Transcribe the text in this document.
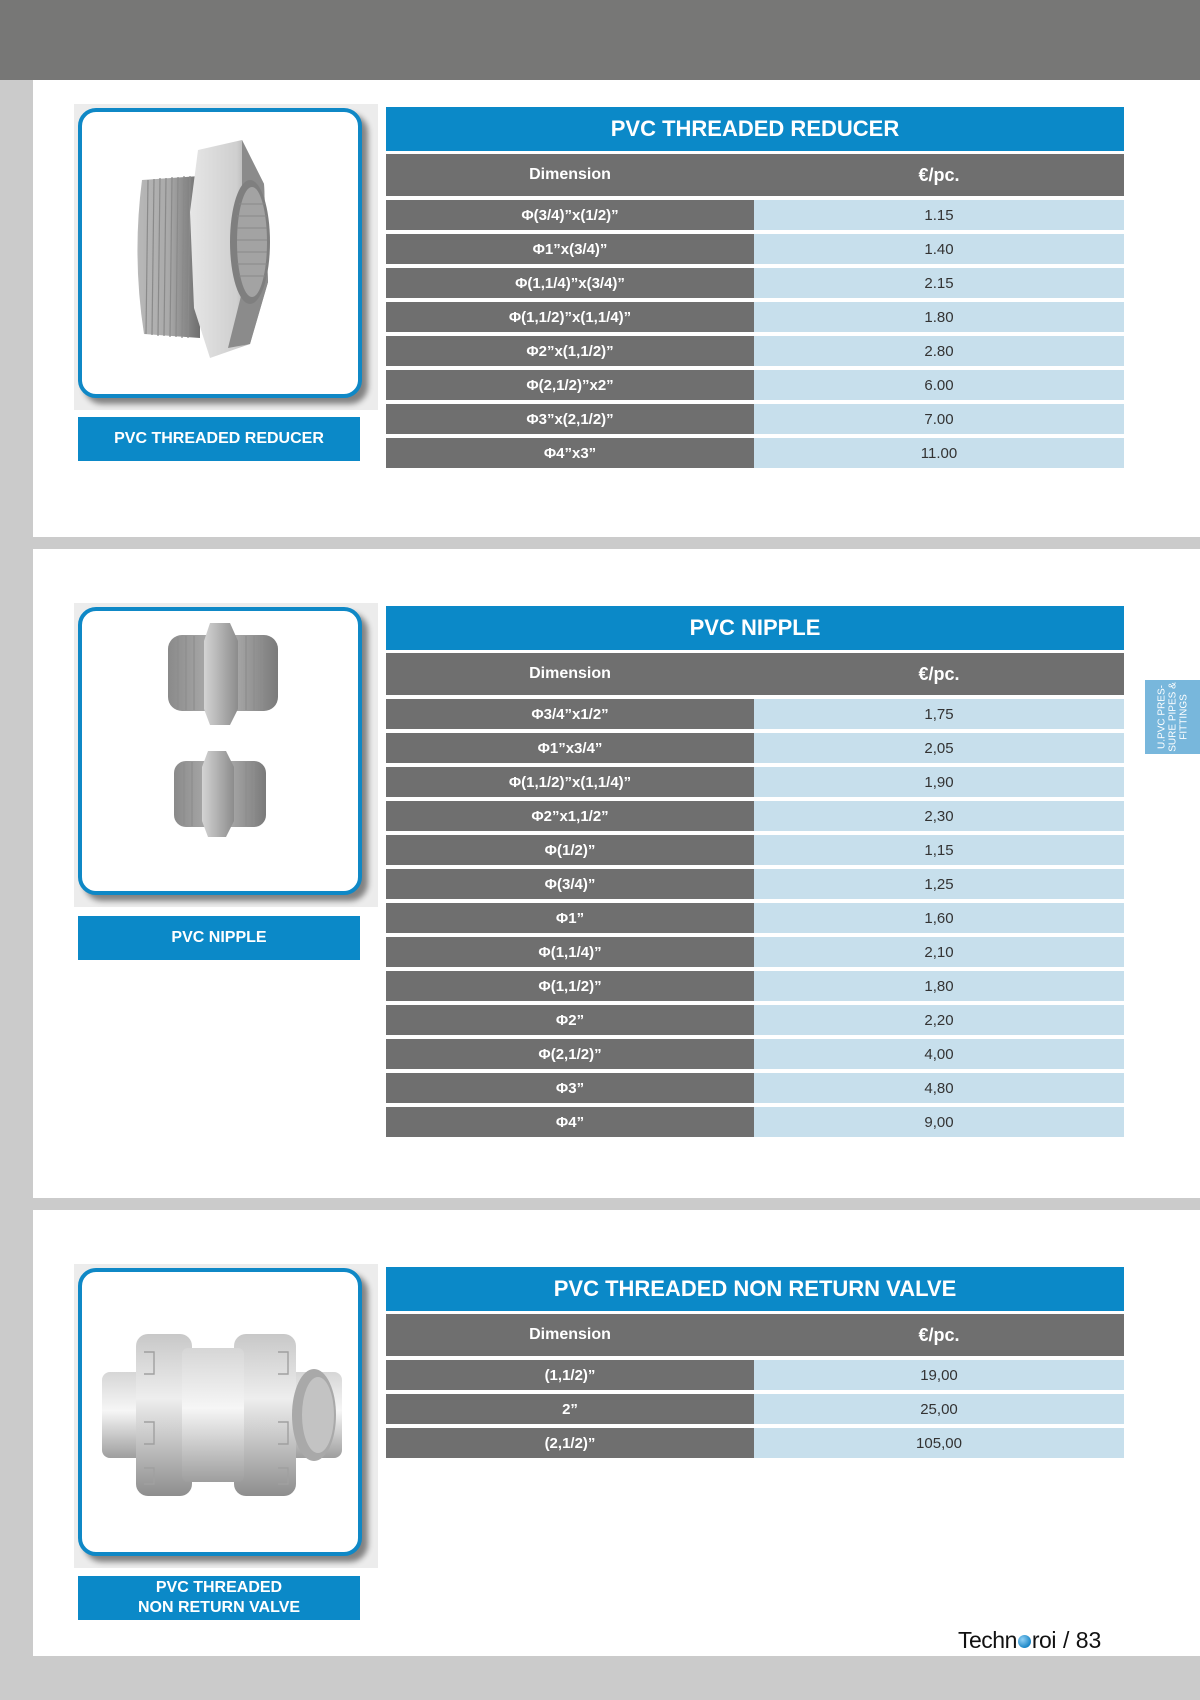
PVC THREADED REDUCER
PVC THREADED REDUCER
Dimension	€/pc.
Φ(3/4)”x(1/2)”	1.15
Φ1”x(3/4)”	1.40
Φ(1,1/4)”x(3/4)”	2.15
Φ(1,1/2)”x(1,1/4)”	1.80
Φ2”x(1,1/2)”	2.80
Φ(2,1/2)”x2”	6.00
Φ3”x(2,1/2)”	7.00
Φ4”x3”	11.00
PVC NIPPLE
PVC NIPPLE
Dimension	€/pc.
Φ3/4”x1/2”	1,75
Φ1”x3/4”	2,05
Φ(1,1/2)”x(1,1/4)”	1,90
Φ2”x1,1/2”	2,30
Φ(1/2)”	1,15
Φ(3/4)”	1,25
Φ1”	1,60
Φ(1,1/4)”	2,10
Φ(1,1/2)”	1,80
Φ2”	2,20
Φ(2,1/2)”	4,00
Φ3”	4,80
Φ4”	9,00
PVC THREADED
NON RETURN VALVE
PVC THREADED NON RETURN VALVE
Dimension	€/pc.
(1,1/2)”	19,00
2”	25,00
(2,1/2)”	105,00
U.PVC PRES-SURE PIPES & FITTINGS
Techn roi / 83
